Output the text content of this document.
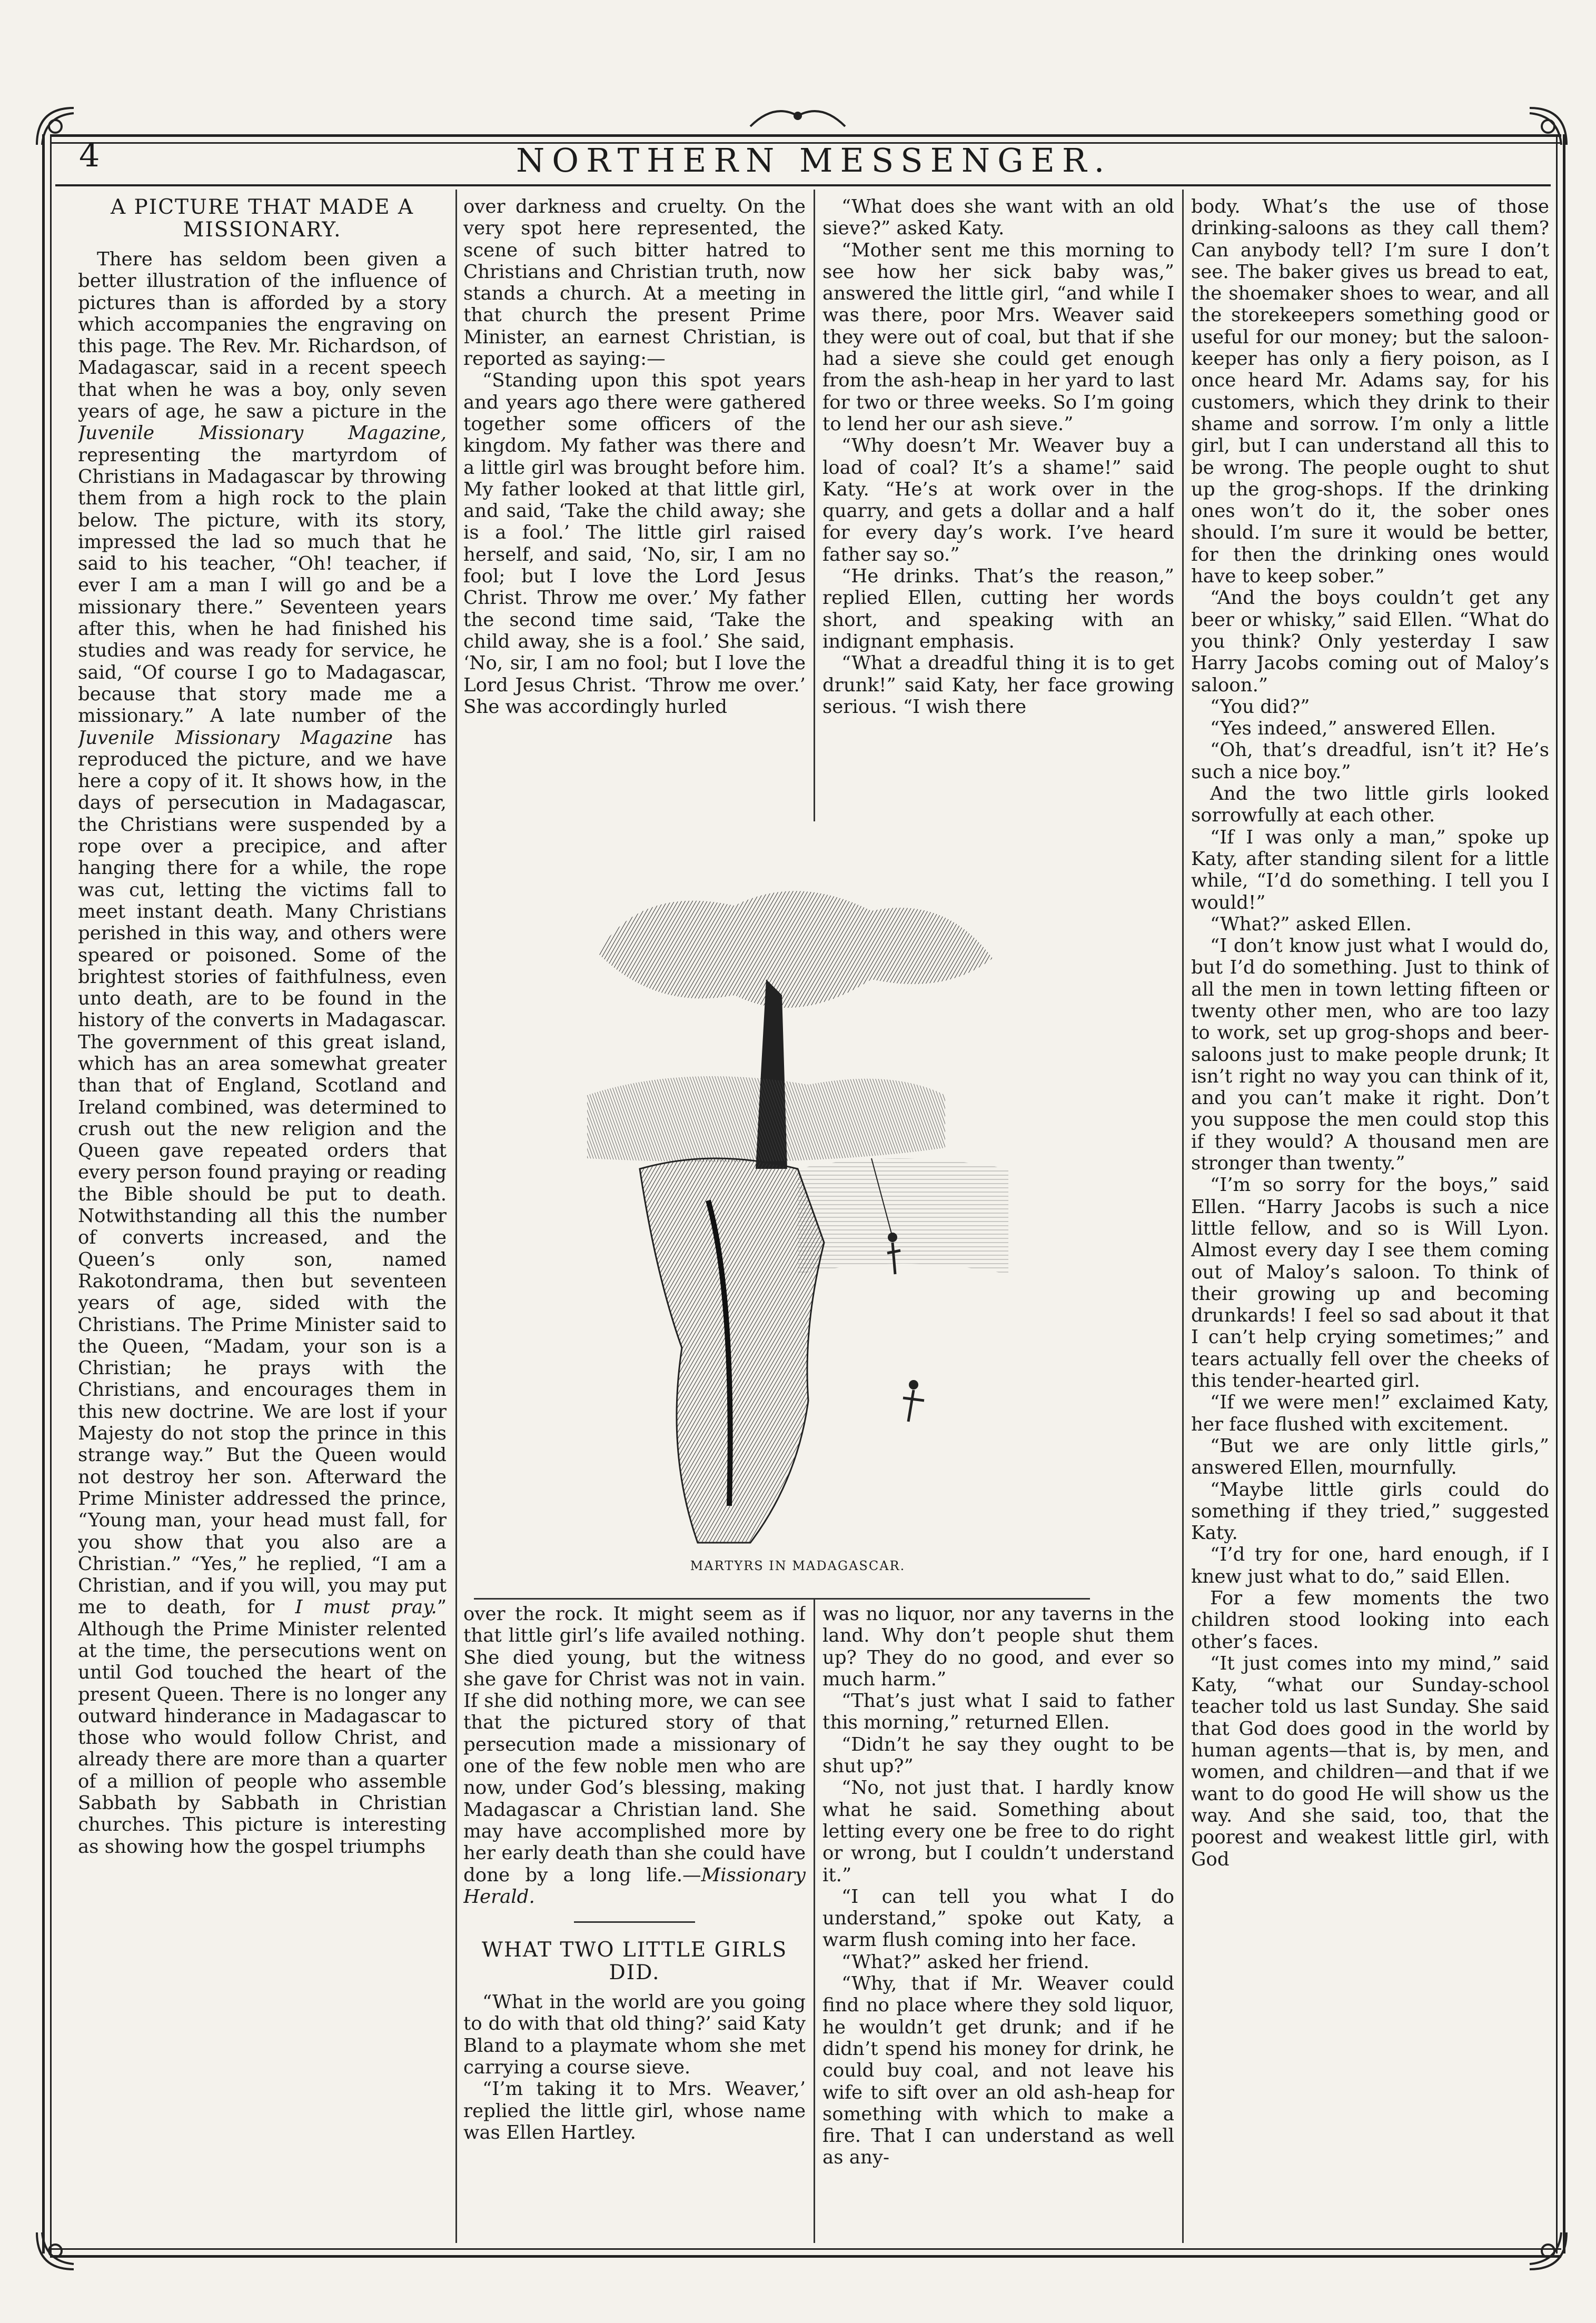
4	NORTHERN MESSENGER.
A PICTURE THAT MADE A MISSIONARY.

There has seldom been given a better illustration of the influence of pictures than is afforded by a story which accompanies the engraving on this page. The Rev. Mr. Richardson, of Madagascar, said in a recent speech that when he was a boy, only seven years of age, he saw a picture in the Juvenile Missionary Magazine, representing the martyrdom of Christians in Madagascar by throwing them from a high rock to the plain below. The picture, with its story, impressed the lad so much that he said to his teacher, “Oh! teacher, if ever I am a man I will go and be a missionary there.” Seventeen years after this, when he had finished his studies and was ready for service, he said, “Of course I go to Madagascar, because that story made me a missionary.” A late number of the Juvenile Missionary Magazine has reproduced the picture, and we have here a copy of it. It shows how, in the days of persecution in Madagascar, the Christians were suspended by a rope over a precipice, and after hanging there for a while, the rope was cut, letting the victims fall to meet instant death. Many Christians perished in this way, and others were speared or poisoned. Some of the brightest stories of faithfulness, even unto death, are to be found in the history of the converts in Madagascar. The government of this great island, which has an area somewhat greater than that of England, Scotland and Ireland combined, was determined to crush out the new religion and the Queen gave repeated orders that every person found praying or reading the Bible should be put to death. Notwithstanding all this the number of converts increased, and the Queen’s only son, named Rakotondrama, then but seventeen years of age, sided with the Christians. The Prime Minister said to the Queen, “Madam, your son is a Christian; he prays with the Christians, and encourages them in this new doctrine. We are lost if your Majesty do not stop the prince in this strange way.” But the Queen would not destroy her son. Afterward the Prime Minister addressed the prince, “Young man, your head must fall, for you show that you also are a Christian.” “Yes,” he replied, “I am a Christian, and if you will, you may put me to death, for I must pray.” Although the Prime Minister relented at the time, the persecutions went on until God touched the heart of the present Queen. There is no longer any outward hinderance in Madagascar to those who would follow Christ, and already there are more than a quarter of a million of people who assemble Sabbath by Sabbath in Christian churches. This picture is interesting as showing how the gospel triumphs

over darkness and cruelty. On the very spot here represented, the scene of such bitter hatred to Christians and Christian truth, now stands a church. At a meeting in that church the present Prime Minister, an earnest Christian, is reported as saying:—

“Standing upon this spot years and years ago there were gathered together some officers of the kingdom. My father was there and a little girl was brought before him. My father looked at that little girl, and said, ‘Take the child away; she is a fool.’ The little girl raised herself, and said, ‘No, sir, I am no fool; but I love the Lord Jesus Christ. Throw me over.’ My father the second time said, ‘Take the child away, she is a fool.’ She said, ‘No, sir, I am no fool; but I love the Lord Jesus Christ. ‘Throw me over.’ She was accordingly hurled

“What does she want with an old sieve?” asked Katy.

“Mother sent me this morning to see how her sick baby was,” answered the little girl, “and while I was there, poor Mrs. Weaver said they were out of coal, but that if she had a sieve she could get enough from the ash-heap in her yard to last for two or three weeks. So I’m going to lend her our ash sieve.”

“Why doesn’t Mr. Weaver buy a load of coal? It’s a shame!” said Katy. “He’s at work over in the quarry, and gets a dollar and a half for every day’s work. I’ve heard father say so.”

“He drinks. That’s the reason,” replied Ellen, cutting her words short, and speaking with an indignant emphasis.

“What a dreadful thing it is to get drunk!” said Katy, her face growing serious. “I wish there

body. What’s the use of those drinking-saloons as they call them? Can anybody tell? I’m sure I don’t see. The baker gives us bread to eat, the shoemaker shoes to wear, and all the storekeepers something good or useful for our money; but the saloon-keeper has only a fiery poison, as I once heard Mr. Adams say, for his customers, which they drink to their shame and sorrow. I’m only a little girl, but I can understand all this to be wrong. The people ought to shut up the grog-shops. If the drinking ones won’t do it, the sober ones should. I’m sure it would be better, for then the drinking ones would have to keep sober.”

“And the boys couldn’t get any beer or whisky,” said Ellen. “What do you think? Only yesterday I saw Harry Jacobs coming out of Maloy’s saloon.”

“You did?”

“Yes indeed,” answered Ellen.

“Oh, that’s dreadful, isn’t it? He’s such a nice boy.”

And the two little girls looked sorrowfully at each other.

“If I was only a man,” spoke up Katy, after standing silent for a little while, “I’d do something. I tell you I would!”

“What?” asked Ellen.

“I don’t know just what I would do, but I’d do something. Just to think of all the men in town letting fifteen or twenty other men, who are too lazy to work, set up grog-shops and beer-saloons just to make people drunk; It isn’t right no way you can think of it, and you can’t make it right. Don’t you suppose the men could stop this if they would? A thousand men are stronger than twenty.”

“I’m so sorry for the boys,” said Ellen. “Harry Jacobs is such a nice little fellow, and so is Will Lyon. Almost every day I see them coming out of Maloy’s saloon. To think of their growing up and becoming drunkards! I feel so sad about it that I can’t help crying sometimes;” and tears actually fell over the cheeks of this tender-hearted girl.

“If we were men!” exclaimed Katy, her face flushed with excitement.

“But we are only little girls,” answered Ellen, mournfully.

“Maybe little girls could do something if they tried,” suggested Katy.

“I’d try for one, hard enough, if I knew just what to do,” said Ellen.

For a few moments the two children stood looking into each other’s faces.

“It just comes into my mind,” said Katy, “what our Sunday-school teacher told us last Sunday. She said that God does good in the world by human agents—that is, by men, and women, and children—and that if we want to do good He will show us the way. And she said, too, that the poorest and weakest little girl, with God

MARTYRS IN MADAGASCAR.

over the rock. It might seem as if that little girl’s life availed nothing. She died young, but the witness she gave for Christ was not in vain. If she did nothing more, we can see that the pictured story of that persecution made a missionary of one of the few noble men who are now, under God’s blessing, making Madagascar a Christian land. She may have accomplished more by her early death than she could have done by a long life.—Missionary Herald.

WHAT TWO LITTLE GIRLS DID.

“What in the world are you going to do with that old thing?’ said Katy Bland to a playmate whom she met carrying a course sieve.

“I’m taking it to Mrs. Weaver,’ replied the little girl, whose name was Ellen Hartley.

was no liquor, nor any taverns in the land. Why don’t people shut them up? They do no good, and ever so much harm.”

“That’s just what I said to father this morning,” returned Ellen.

“Didn’t he say they ought to be shut up?”

“No, not just that. I hardly know what he said. Something about letting every one be free to do right or wrong, but I couldn’t understand it.”

“I can tell you what I do understand,” spoke out Katy, a warm flush coming into her face.

“What?” asked her friend.

“Why, that if Mr. Weaver could find no place where they sold liquor, he wouldn’t get drunk; and if he didn’t spend his money for drink, he could buy coal, and not leave his wife to sift over an old ash-heap for something with which to make a fire. That I can understand as well as any-
